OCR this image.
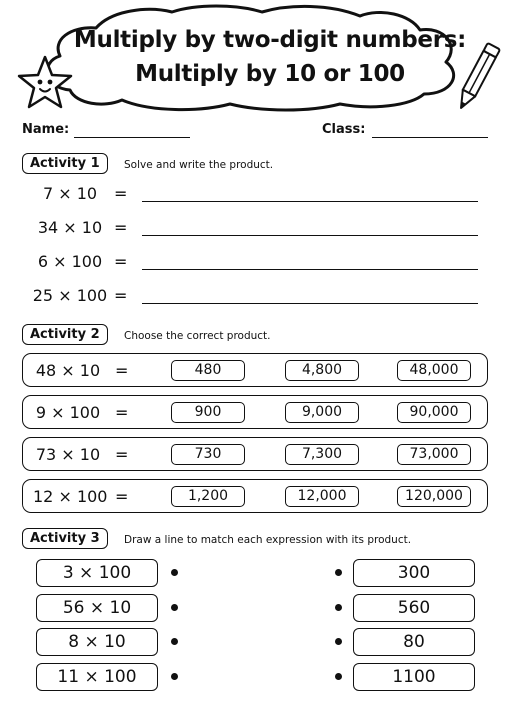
Multiply by two-digit numbers:
Multiply by 10 or 100
Name:	Class:
Activity 1	Solve and write the product.
7 × 10	=
34 × 10 =
6 × 100 =
25 × 100 =
Activity 2	Choose the correct product.
48 × 10 =	480	4,800	48,000
9 × 100 =	900	9,000	90,000
73 × 10 =	730	7,300	73,000
12 × 100 =	1,200	12,000	120,000
Activity 3	Draw a line to match each expression with its product.
3 × 100	300
56 × 10	560
8 × 10	80
11 × 100	1100
